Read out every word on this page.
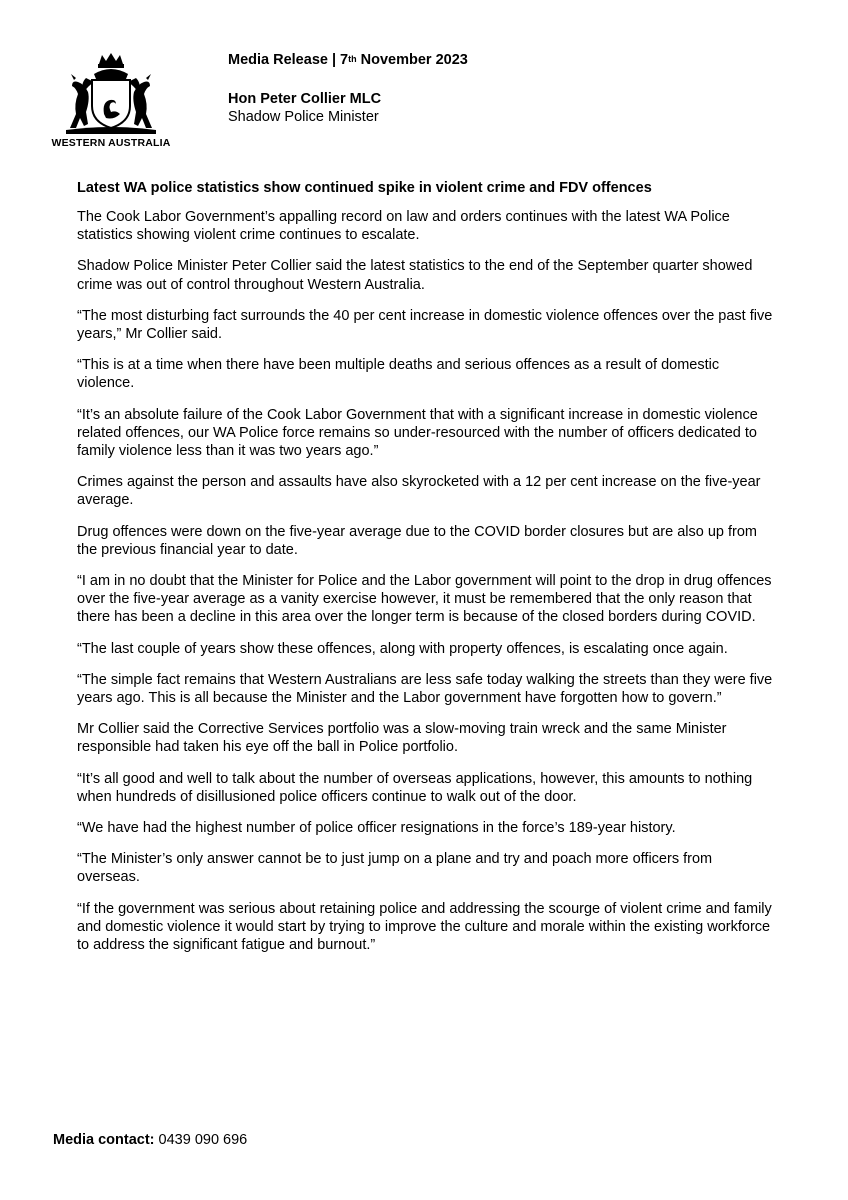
WESTERN AUSTRALIA

Media Release | 7th November 2023

Hon Peter Collier MLC

Shadow Police Minister

Latest WA police statistics show continued spike in violent crime and FDV offences

The Cook Labor Government’s appalling record on law and orders continues with the latest WA Police statistics showing violent crime continues to escalate.

Shadow Police Minister Peter Collier said the latest statistics to the end of the September quarter showed crime was out of control throughout Western Australia.

“The most disturbing fact surrounds the 40 per cent increase in domestic violence offences over the past five years,” Mr Collier said.

“This is at a time when there have been multiple deaths and serious offences as a result of domestic violence.

“It’s an absolute failure of the Cook Labor Government that with a significant increase in domestic violence related offences, our WA Police force remains so under-resourced with the number of officers dedicated to family violence less than it was two years ago.”

Crimes against the person and assaults have also skyrocketed with a 12 per cent increase on the five-year average.

Drug offences were down on the five-year average due to the COVID border closures but are also up from the previous financial year to date.

“I am in no doubt that the Minister for Police and the Labor government will point to the drop in drug offences over the five-year average as a vanity exercise however, it must be remembered that the only reason that there has been a decline in this area over the longer term is because of the closed borders during COVID.

“The last couple of years show these offences, along with property offences, is escalating once again.

“The simple fact remains that Western Australians are less safe today walking the streets than they were five years ago. This is all because the Minister and the Labor government have forgotten how to govern.”

Mr Collier said the Corrective Services portfolio was a slow-moving train wreck and the same Minister responsible had taken his eye off the ball in Police portfolio.

“It’s all good and well to talk about the number of overseas applications, however, this amounts to nothing when hundreds of disillusioned police officers continue to walk out of the door.

“We have had the highest number of police officer resignations in the force’s 189-year history.

“The Minister’s only answer cannot be to just jump on a plane and try and poach more officers from overseas.

“If the government was serious about retaining police and addressing the scourge of violent crime and family and domestic violence it would start by trying to improve the culture and morale within the existing workforce to address the significant fatigue and burnout.”

Media contact: 0439 090 696
